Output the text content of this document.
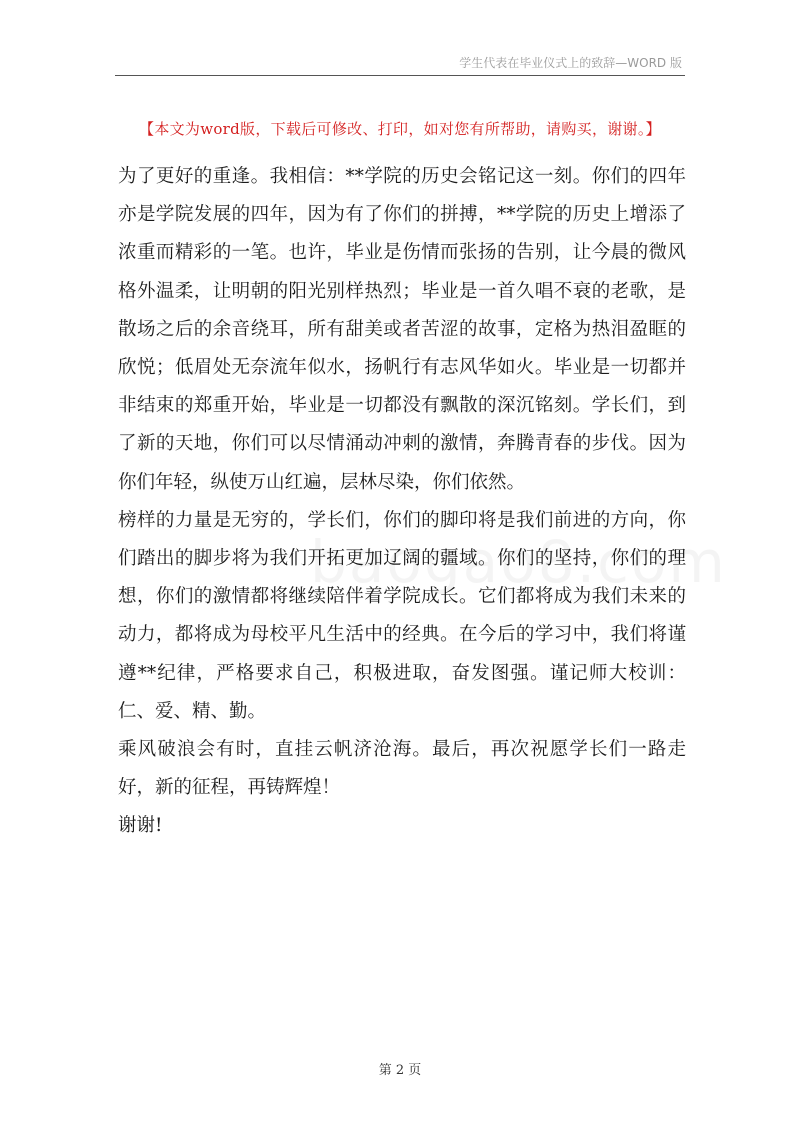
学生代表在毕业仪式上的致辞—WORD 版
【本文为word版，下载后可修改、打印，如对您有所帮助，请购买，谢谢。】

为了更好的重逢。我相信：**学院的历史会铭记这一刻。你们的四年亦是学院发展的四年，因为有了你们的拼搏，**学院的历史上增添了浓重而精彩的一笔。也许，毕业是伤情而张扬的告别，让今晨的微风格外温柔，让明朝的阳光别样热烈；毕业是一首久唱不衰的老歌，是散场之后的余音绕耳，所有甜美或者苦涩的故事，定格为热泪盈眶的欣悦；低眉处无奈流年似水，扬帆行有志风华如火。毕业是一切都并非结束的郑重开始，毕业是一切都没有飘散的深沉铭刻。学长们，到了新的天地，你们可以尽情涌动冲刺的激情，奔腾青春的步伐。因为你们年轻，纵使万山红遍，层林尽染，你们依然。

榜样的力量是无穷的，学长们，你们的脚印将是我们前进的方向，你们踏出的脚步将为我们开拓更加辽阔的疆域。你们的坚持，你们的理想，你们的激情都将继续陪伴着学院成长。它们都将成为我们未来的动力，都将成为母校平凡生活中的经典。在今后的学习中，我们将谨遵**纪律，严格要求自己，积极进取，奋发图强。谨记师大校训：仁、爱、精、勤。

乘风破浪会有时，直挂云帆济沧海。最后，再次祝愿学长们一路走好，新的征程，再铸辉煌！

谢谢!

第 2 页
